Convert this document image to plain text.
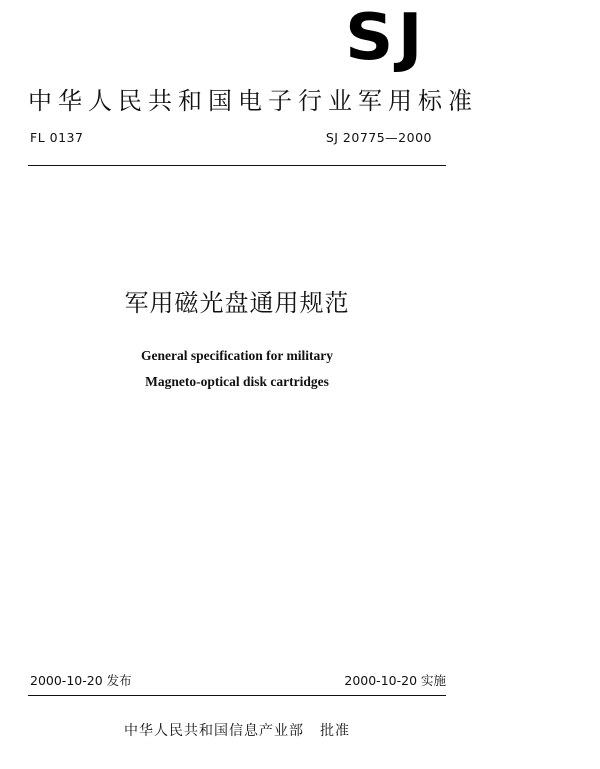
SJ
中华人民共和国电子行业军用标准
FL 0137	SJ 20775—2000
军用磁光盘通用规范
General specification for military
Magneto-optical disk cartridges
2000-10-20 发布	2000-10-20 实施
中华人民共和国信息产业部 批准
